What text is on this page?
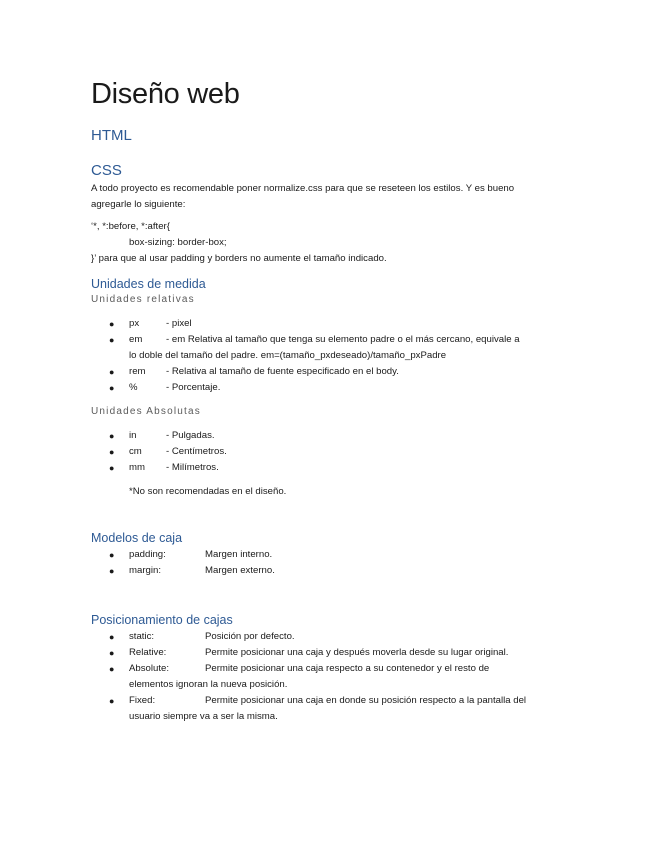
Diseño web
HTML
CSS

A todo proyecto es recomendable poner normalize.css para que se reseteen los estilos. Y es bueno

agregarle lo siguiente:

‘*, *:before, *:after{

box-sizing: border-box;

}’ para que al usar padding y borders no aumente el tamaño indicado.

Unidades de medida
Unidades relativas
● px	- pixel
● em - em Relativa al tamaño que tenga su elemento padre o el más cercano, equivale a
lo doble del tamaño del padre. em=(tamaño_pxdeseado)/tamaño_pxPadre
● rem - Relativa al tamaño de fuente especificado en el body.
● %	- Porcentaje.
Unidades Absolutas
● in	- Pulgadas.
● cm	- Centímetros.
● mm - Milímetros.

*No son recomendadas en el diseño.

Modelos de caja
● padding:	Margen interno.
● margin:	Margen externo.
Posicionamiento de cajas
● static:	Posición por defecto.
● Relative:	Permite posicionar una caja y después moverla desde su lugar original.
● Absolute:	Permite posicionar una caja respecto a su contenedor y el resto de
elementos ignoran la nueva posición.
● Fixed:	Permite posicionar una caja en donde su posición respecto a la pantalla del
usuario siempre va a ser la misma.
